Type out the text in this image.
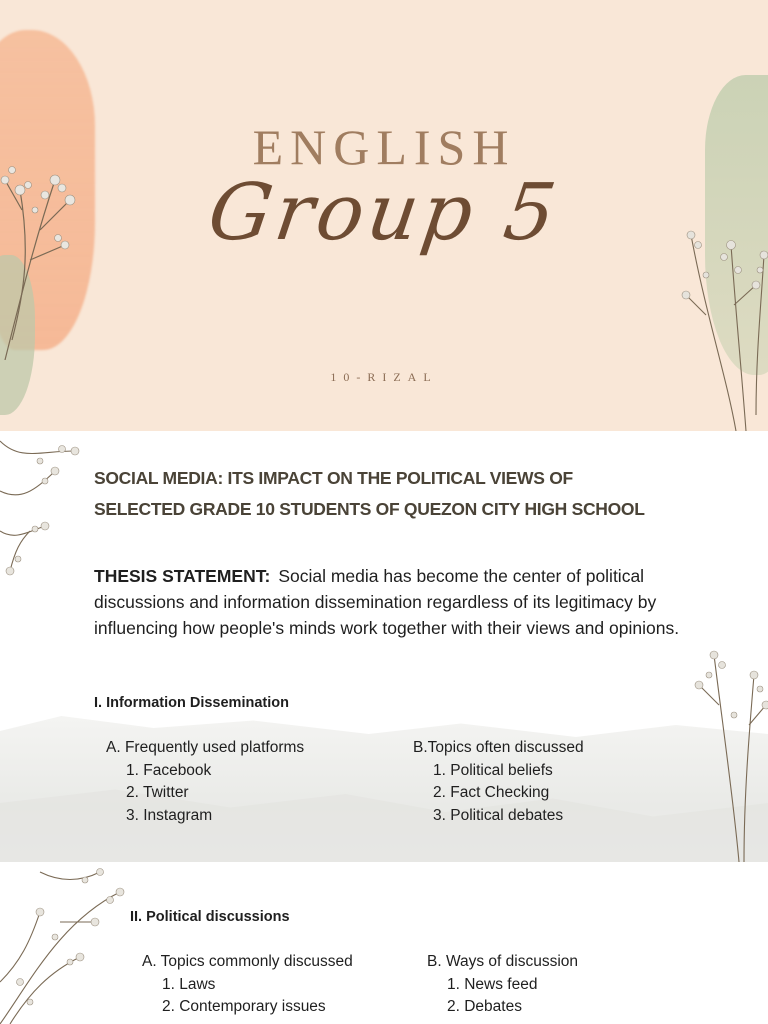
ENGLISH
Group 5
10-RIZAL
SOCIAL MEDIA: ITS IMPACT ON THE POLITICAL VIEWS OF
SELECTED GRADE 10 STUDENTS OF QUEZON CITY HIGH SCHOOL

THESIS STATEMENT: Social media has become the center of political discussions and information dissemination regardless of its legitimacy by influencing how people's minds work together with their views and opinions.

I. Information Dissemination
A. Frequently used platforms
1. Facebook
2. Twitter
3. Instagram
B.Topics often discussed
1. Political beliefs
2. Fact Checking
3. Political debates
II. Political discussions
A. Topics commonly discussed
1. Laws
2. Contemporary issues
B. Ways of discussion
1. News feed
2. Debates
